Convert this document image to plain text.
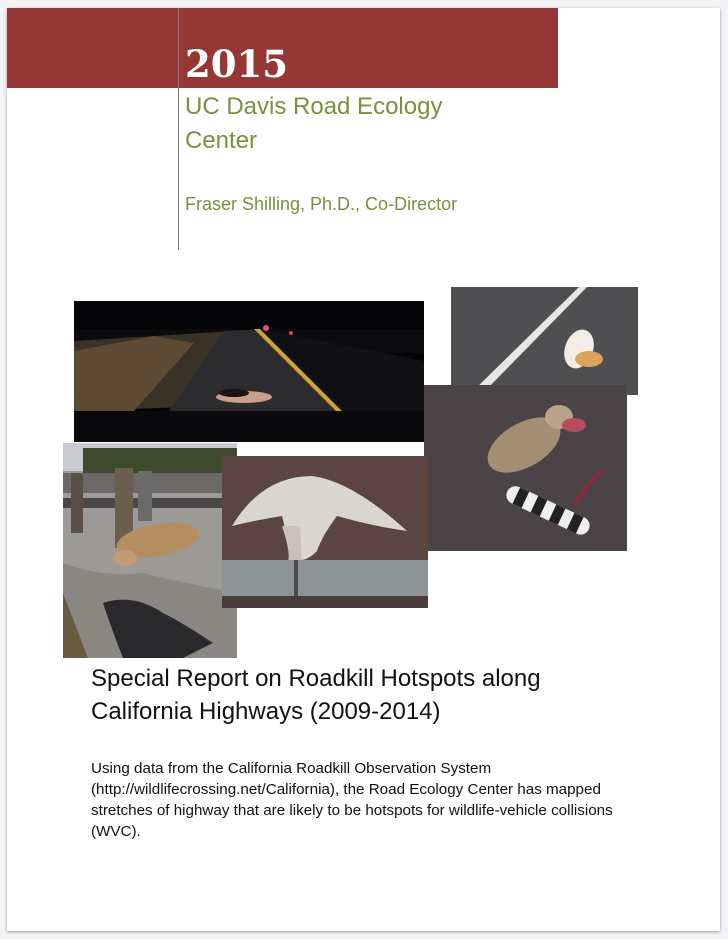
2015
UC Davis Road Ecology Center
Fraser Shilling, Ph.D., Co-Director
Special Report on Roadkill Hotspots along California Highways (2009-2014)
Using data from the California Roadkill Observation System (http://wildlifecrossing.net/California), the Road Ecology Center has mapped stretches of highway that are likely to be hotspots for wildlife-vehicle collisions (WVC).
